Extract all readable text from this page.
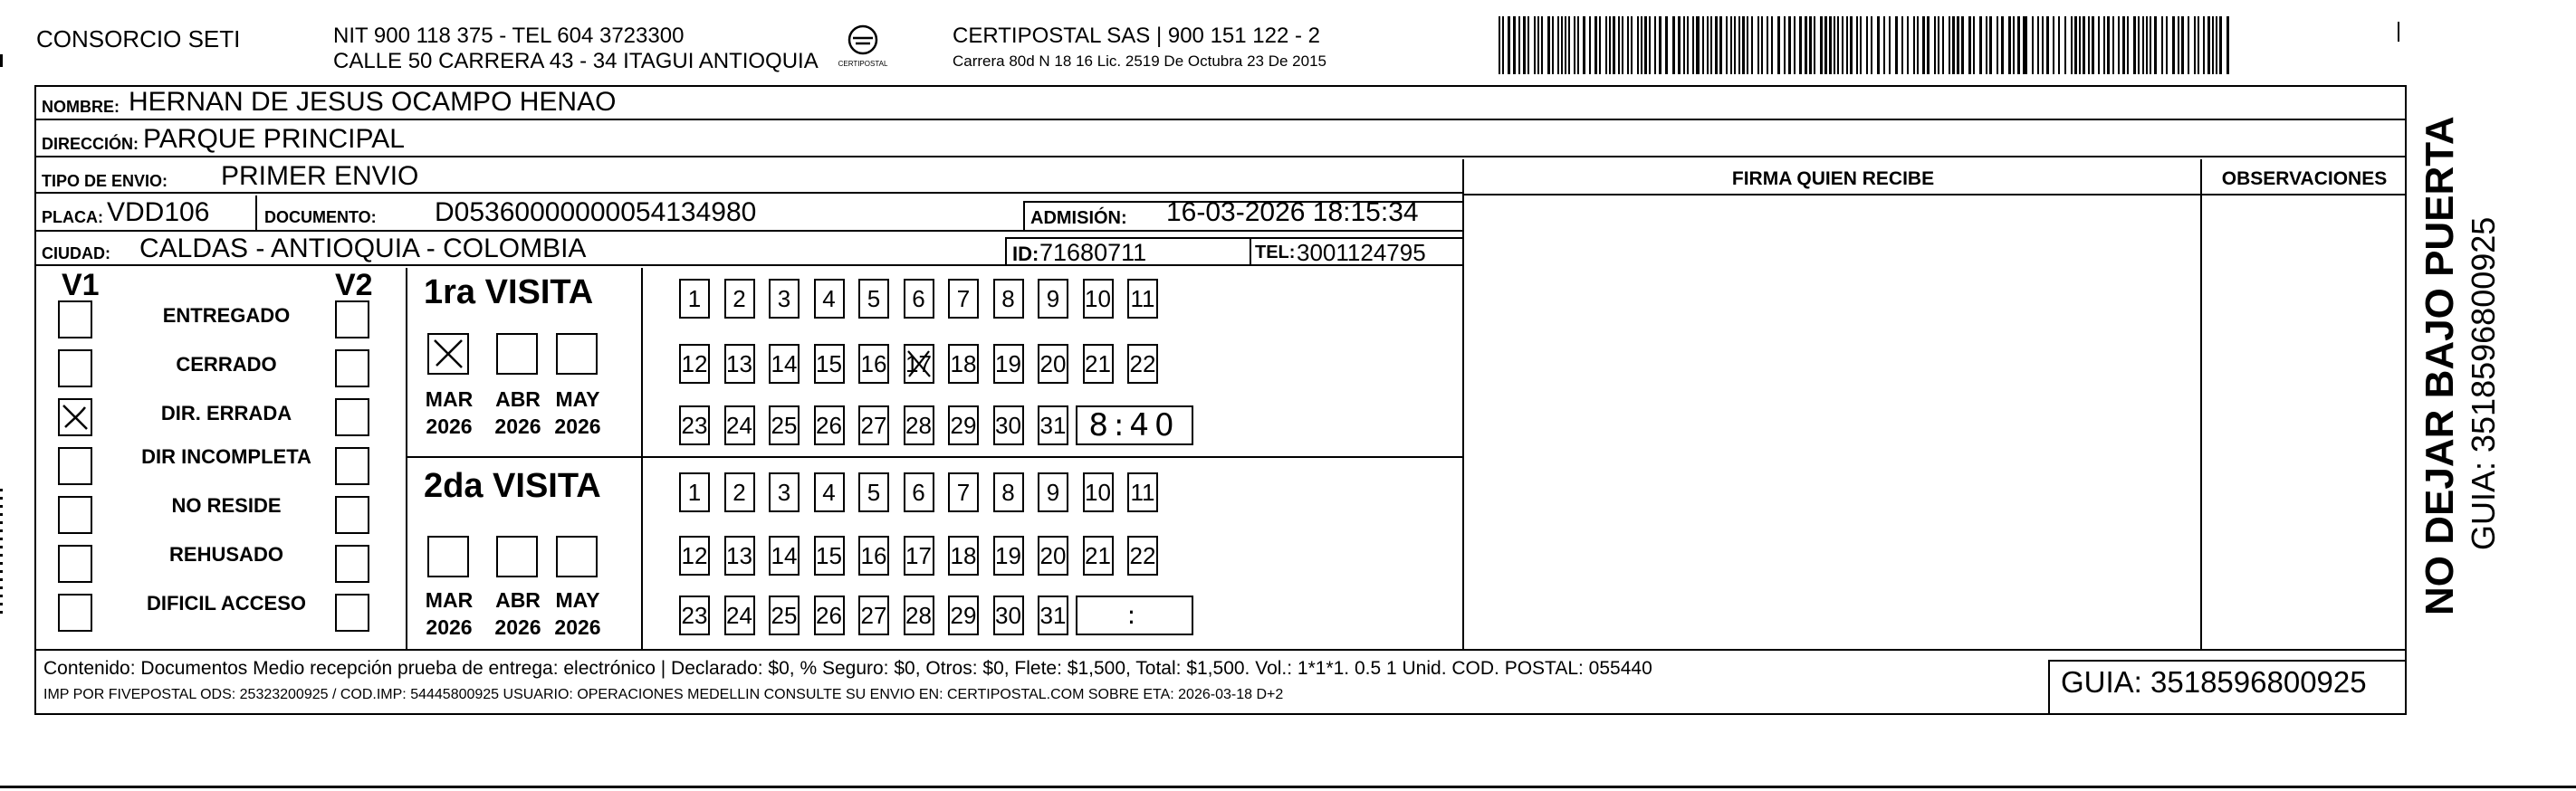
CONSORCIO SETI	NIT 900 118 375 - TEL 604 3723300
CALLE 50 CARRERA 43 - 34 ITAGUI ANTIOQUIA	CERTIPOSTAL
CERTIPOSTAL SAS | 900 151 122 - 2
Carrera 80d N 18 16 Lic. 2519 De Octubra 23 De 2015
NOMBRE: HERNAN DE JESUS OCAMPO HENAO
DIRECCIÓN: PARQUE PRINCIPAL
TIPO DE ENVIO: PRIMER ENVIO
PLACA: VDD106	DOCUMENTO: D05360000000054134980	ADMISIÓN: 16-03-2026 18:15:34
CIUDAD: CALDAS - ANTIOQUIA - COLOMBIA	ID: 71680711	TEL: 3001124795
FIRMA QUIEN RECIBE	OBSERVACIONES
V1	V2
ENTREGADO
CERRADO
DIR. ERRADA
DIR INCOMPLETA
NO RESIDE
REHUSADO
DIFICIL ACCESO
1ra VISITA
MAR
2026
ABR
2026
MAY
2026
1	2	3	4	5	6	7	8	9	10 11
12 13 14 15 16 17 18 19 20 21 22
23 24 25 26 27 28 29 30 31 8:40
2da VISITA
MAR
2026
ABR
2026
MAY
2026
1	2	3	4	5	6	7	8	9	10 11
12 13 14 15 16 17 18 19 20 21 22
23 24 25 26 27 28 29 30 31	:
Contenido: Documentos Medio recepción prueba de entrega: electrónico | Declarado: $0, % Seguro: $0, Otros: $0, Flete: $1,500, Total: $1,500. Vol.: 1*1*1. 0.5 1 Unid. COD. POSTAL: 055440
IMP POR FIVEPOSTAL ODS: 25323200925 / COD.IMP: 54445800925 USUARIO: OPERACIONES MEDELLIN CONSULTE SU ENVIO EN: CERTIPOSTAL.COM SOBRE ETA: 2026-03-18 D+2	GUIA: 3518596800925
NO DEJAR BAJO PUERTA GUIA: 3518596800925
